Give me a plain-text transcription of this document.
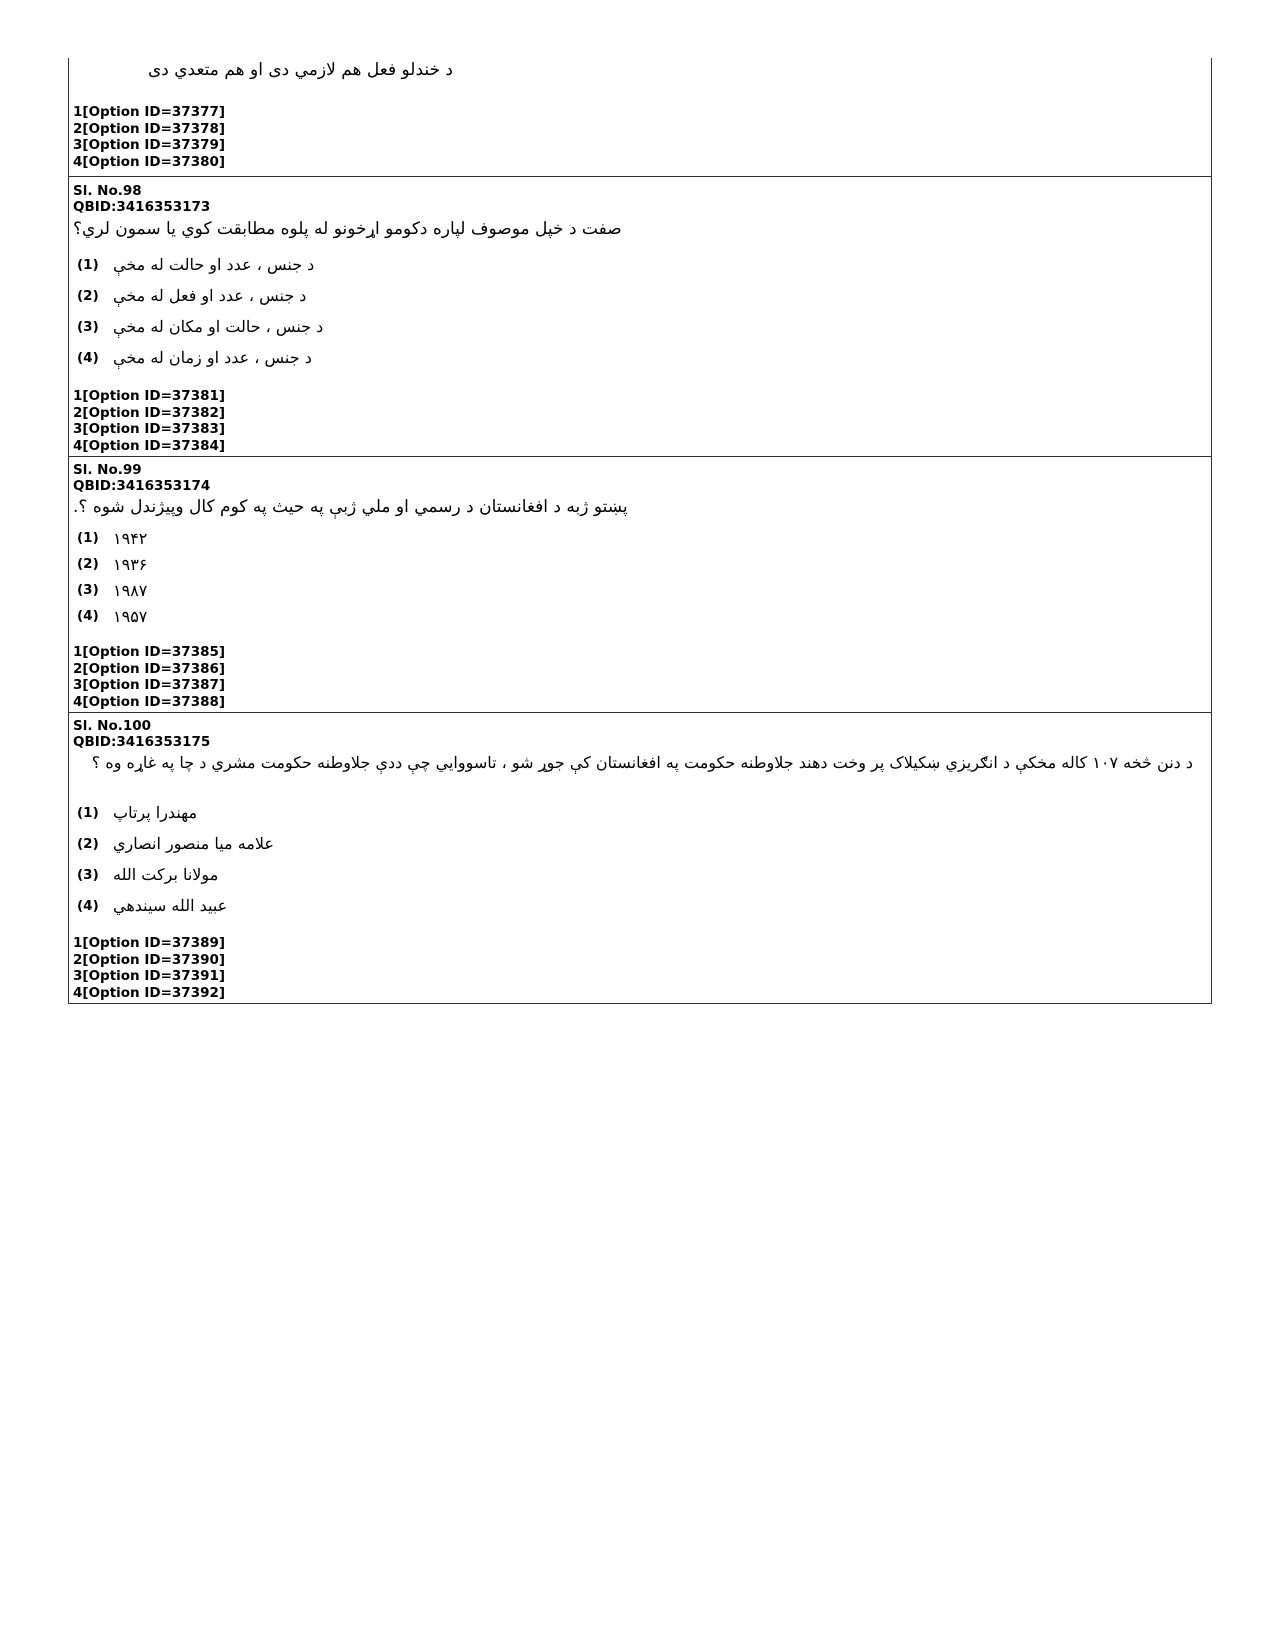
د خندلو فعل هم لازمي دی او هم متعدي دی
1[Option ID=37377]
2[Option ID=37378]
3[Option ID=37379]
4[Option ID=37380]
Sl. No.98
QBID:3416353173
صفت د خپل موصوف لپاره دکومو اړخونو له پلوه مطابقت کوي يا سمون لري؟
(1) د جنس ، عدد او حالت له مخې
(2) د جنس ، عدد او فعل له مخې
(3) د جنس ، حالت او مکان له مخې
(4) د جنس ، عدد او زمان له مخې
1[Option ID=37381]
2[Option ID=37382]
3[Option ID=37383]
4[Option ID=37384]
Sl. No.99
QBID:3416353174
پښتو ژبه د افغانستان د رسمي او ملي ژبې په حيث په کوم کال وپيژندل شوه ؟.
(1) ۱۹۴۲
(2) ۱۹۳۶
(3) ۱۹۸۷
(4) ۱۹۵۷
1[Option ID=37385]
2[Option ID=37386]
3[Option ID=37387]
4[Option ID=37388]
Sl. No.100
QBID:3416353175
د دنن څخه ۱۰۷ کاله مخکې د انګريزي ښکيلاک پر وخت دهند جلاوطنه حکومت په افغانستان کې جوړ شو ، تاسووايي چې ددې جلاوطنه حکومت مشري د چا په غاړه وه ؟
(1) مهندرا پرتاپ
(2) علامه ميا منصور انصاري
(3) مولانا برکت الله
(4) عبيد الله سيندهي
1[Option ID=37389]
2[Option ID=37390]
3[Option ID=37391]
4[Option ID=37392]
